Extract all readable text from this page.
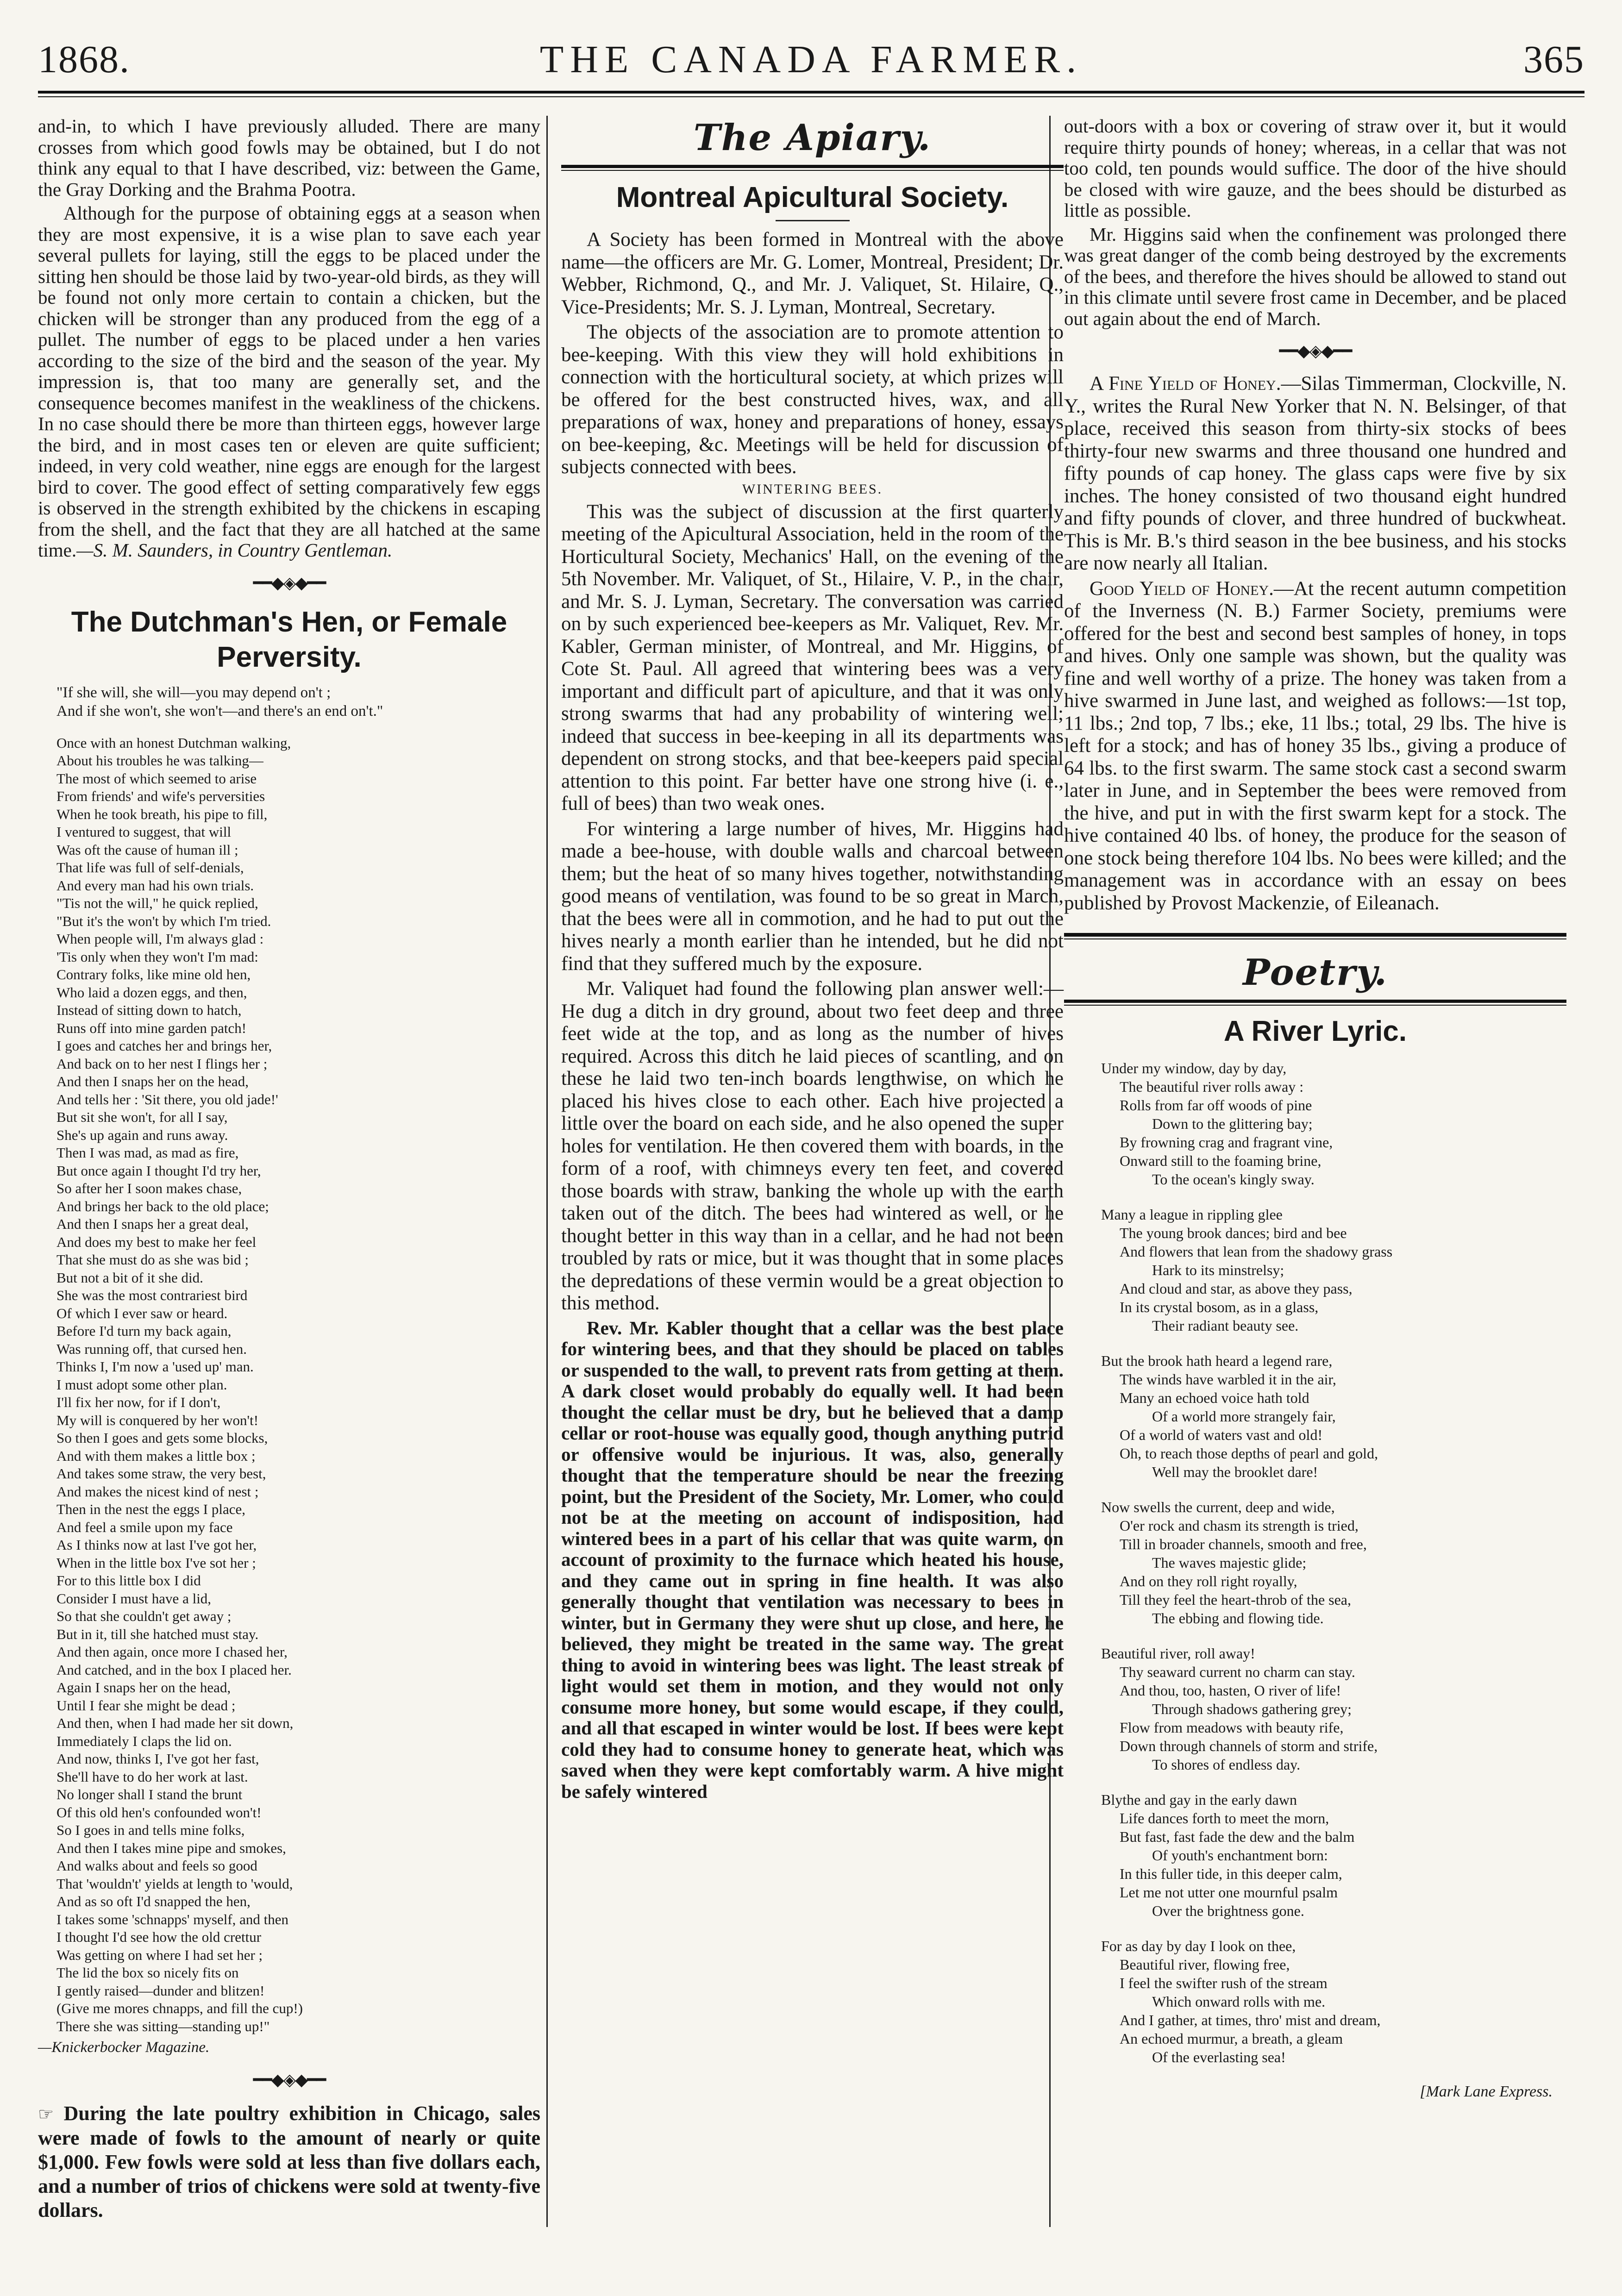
1868.	THE CANADA FARMER.	365

and-in, to which I have previously alluded. There are many crosses from which good fowls may be obtained, but I do not think any equal to that I have described, viz: between the Game, the Gray Dorking and the Brahma Pootra.

Although for the purpose of obtaining eggs at a season when they are most expensive, it is a wise plan to save each year several pullets for laying, still the eggs to be placed under the sitting hen should be those laid by two-year-old birds, as they will be found not only more certain to contain a chicken, but the chicken will be stronger than any produced from the egg of a pullet. The number of eggs to be placed under a hen varies according to the size of the bird and the season of the year. My impression is, that too many are generally set, and the consequence becomes manifest in the weakliness of the chickens. In no case should there be more than thirteen eggs, however large the bird, and in most cases ten or eleven are quite sufficient; indeed, in very cold weather, nine eggs are enough for the largest bird to cover. The good effect of setting comparatively few eggs is observed in the strength exhibited by the chickens in escaping from the shell, and the fact that they are all hatched at the same time.—S. M. Saunders, in Country Gentleman.

━━◆◈◆━━
The Dutchman's Hen, or Female Perversity.
"If she will, she will—you may depend on't ;
And if she won't, she won't—and there's an end on't."
Once with an honest Dutchman walking,
About his troubles he was talking—
The most of which seemed to arise
From friends' and wife's perversities
When he took breath, his pipe to fill,
I ventured to suggest, that will
Was oft the cause of human ill ;
That life was full of self-denials,
And every man had his own trials.
"Tis not the will," he quick replied,
"But it's the won't by which I'm tried.
When people will, I'm always glad :
'Tis only when they won't I'm mad:
Contrary folks, like mine old hen,
Who laid a dozen eggs, and then,
Instead of sitting down to hatch,
Runs off into mine garden patch!
I goes and catches her and brings her,
And back on to her nest I flings her ;
And then I snaps her on the head,
And tells her : 'Sit there, you old jade!'
But sit she won't, for all I say,
She's up again and runs away.
Then I was mad, as mad as fire,
But once again I thought I'd try her,
So after her I soon makes chase,
And brings her back to the old place;
And then I snaps her a great deal,
And does my best to make her feel
That she must do as she was bid ;
But not a bit of it she did.
She was the most contrariest bird
Of which I ever saw or heard.
Before I'd turn my back again,
Was running off, that cursed hen.
Thinks I, I'm now a 'used up' man.
I must adopt some other plan.
I'll fix her now, for if I don't,
My will is conquered by her won't!
So then I goes and gets some blocks,
And with them makes a little box ;
And takes some straw, the very best,
And makes the nicest kind of nest ;
Then in the nest the eggs I place,
And feel a smile upon my face
As I thinks now at last I've got her,
When in the little box I've sot her ;
For to this little box I did
Consider I must have a lid,
So that she couldn't get away ;
But in it, till she hatched must stay.
And then again, once more I chased her,
And catched, and in the box I placed her.
Again I snaps her on the head,
Until I fear she might be dead ;
And then, when I had made her sit down,
Immediately I claps the lid on.
And now, thinks I, I've got her fast,
She'll have to do her work at last.
No longer shall I stand the brunt
Of this old hen's confounded won't!
So I goes in and tells mine folks,
And then I takes mine pipe and smokes,
And walks about and feels so good
That 'wouldn't' yields at length to 'would,
And as so oft I'd snapped the hen,
I takes some 'schnapps' myself, and then
I thought I'd see how the old crettur
Was getting on where I had set her ;
The lid the box so nicely fits on
I gently raised—dunder and blitzen!
(Give me mores chnapps, and fill the cup!)
There she was sitting—standing up!"
—Knickerbocker Magazine.
━━◆◈◆━━

☞ During the late poultry exhibition in Chicago, sales were made of fowls to the amount of nearly or quite $1,000. Few fowls were sold at less than five dollars each, and a number of trios of chickens were sold at twenty-five dollars.

The Apiary.
Montreal Apicultural Society.

A Society has been formed in Montreal with the above name—the officers are Mr. G. Lomer, Montreal, President; Dr. Webber, Richmond, Q., and Mr. J. Valiquet, St. Hilaire, Q., Vice-Presidents; Mr. S. J. Lyman, Montreal, Secretary.

The objects of the association are to promote attention to bee-keeping. With this view they will hold exhibitions in connection with the horticultural society, at which prizes will be offered for the best constructed hives, wax, and all preparations of wax, honey and preparations of honey, essays on bee-keeping, &c. Meetings will be held for discussion of subjects connected with bees.

WINTERING BEES.

This was the subject of discussion at the first quarterly meeting of the Apicultural Association, held in the room of the Horticultural Society, Mechanics' Hall, on the evening of the 5th November. Mr. Valiquet, of St., Hilaire, V. P., in the chair, and Mr. S. J. Lyman, Secretary. The conversation was carried on by such experienced bee-keepers as Mr. Valiquet, Rev. Mr. Kabler, German minister, of Montreal, and Mr. Higgins, of Cote St. Paul. All agreed that wintering bees was a very important and difficult part of apiculture, and that it was only strong swarms that had any probability of wintering well; indeed that success in bee-keeping in all its departments was dependent on strong stocks, and that bee-keepers paid special attention to this point. Far better have one strong hive (i. e., full of bees) than two weak ones.

For wintering a large number of hives, Mr. Higgins had made a bee-house, with double walls and charcoal between them; but the heat of so many hives together, notwithstanding good means of ventilation, was found to be so great in March, that the bees were all in commotion, and he had to put out the hives nearly a month earlier than he intended, but he did not find that they suffered much by the exposure.

Mr. Valiquet had found the following plan answer well:—He dug a ditch in dry ground, about two feet deep and three feet wide at the top, and as long as the number of hives required. Across this ditch he laid pieces of scantling, and on these he laid two ten-inch boards lengthwise, on which he placed his hives close to each other. Each hive projected a little over the board on each side, and he also opened the super holes for ventilation. He then covered them with boards, in the form of a roof, with chimneys every ten feet, and covered those boards with straw, banking the whole up with the earth taken out of the ditch. The bees had wintered as well, or he thought better in this way than in a cellar, and he had not been troubled by rats or mice, but it was thought that in some places the depredations of these vermin would be a great objection to this method.

Rev. Mr. Kabler thought that a cellar was the best place for wintering bees, and that they should be placed on tables or suspended to the wall, to prevent rats from getting at them. A dark closet would probably do equally well. It had been thought the cellar must be dry, but he believed that a damp cellar or root-house was equally good, though anything putrid or offensive would be injurious. It was, also, generally thought that the temperature should be near the freezing point, but the President of the Society, Mr. Lomer, who could not be at the meeting on account of indisposition, had wintered bees in a part of his cellar that was quite warm, on account of proximity to the furnace which heated his house, and they came out in spring in fine health. It was also generally thought that ventilation was necessary to bees in winter, but in Germany they were shut up close, and here, he believed, they might be treated in the same way. The great thing to avoid in wintering bees was light. The least streak of light would set them in motion, and they would not only consume more honey, but some would escape, if they could, and all that escaped in winter would be lost. If bees were kept cold they had to consume honey to generate heat, which was saved when they were kept comfortably warm. A hive might be safely wintered

out-doors with a box or covering of straw over it, but it would require thirty pounds of honey; whereas, in a cellar that was not too cold, ten pounds would suffice. The door of the hive should be closed with wire gauze, and the bees should be disturbed as little as possible.

Mr. Higgins said when the confinement was prolonged there was great danger of the comb being destroyed by the excrements of the bees, and therefore the hives should be allowed to stand out in this climate until severe frost came in December, and be placed out again about the end of March.

━━◆◈◆━━

A Fine Yield of Honey.—Silas Timmerman, Clockville, N. Y., writes the Rural New Yorker that N. N. Belsinger, of that place, received this season from thirty-six stocks of bees thirty-four new swarms and three thousand one hundred and fifty pounds of cap honey. The glass caps were five by six inches. The honey consisted of two thousand eight hundred and fifty pounds of clover, and three hundred of buckwheat. This is Mr. B.'s third season in the bee business, and his stocks are now nearly all Italian.

Good Yield of Honey.—At the recent autumn competition of the Inverness (N. B.) Farmer Society, premiums were offered for the best and second best samples of honey, in tops and hives. Only one sample was shown, but the quality was fine and well worthy of a prize. The honey was taken from a hive swarmed in June last, and weighed as follows:—1st top, 11 lbs.; 2nd top, 7 lbs.; eke, 11 lbs.; total, 29 lbs. The hive is left for a stock; and has of honey 35 lbs., giving a produce of 64 lbs. to the first swarm. The same stock cast a second swarm later in June, and in September the bees were removed from the hive, and put in with the first swarm kept for a stock. The hive contained 40 lbs. of honey, the produce for the season of one stock being therefore 104 lbs. No bees were killed; and the management was in accordance with an essay on bees published by Provost Mackenzie, of Eileanach.

Poetry.
A River Lyric.
Under my window, day by day,
The beautiful river rolls away :
Rolls from far off woods of pine
Down to the glittering bay;
By frowning crag and fragrant vine,
Onward still to the foaming brine,
To the ocean's kingly sway.
Many a league in rippling glee
The young brook dances; bird and bee
And flowers that lean from the shadowy grass
Hark to its minstrelsy;
And cloud and star, as above they pass,
In its crystal bosom, as in a glass,
Their radiant beauty see.
But the brook hath heard a legend rare,
The winds have warbled it in the air,
Many an echoed voice hath told
Of a world more strangely fair,
Of a world of waters vast and old!
Oh, to reach those depths of pearl and gold,
Well may the brooklet dare!
Now swells the current, deep and wide,
O'er rock and chasm its strength is tried,
Till in broader channels, smooth and free,
The waves majestic glide;
And on they roll right royally,
Till they feel the heart-throb of the sea,
The ebbing and flowing tide.
Beautiful river, roll away!
Thy seaward current no charm can stay.
And thou, too, hasten, O river of life!
Through shadows gathering grey;
Flow from meadows with beauty rife,
Down through channels of storm and strife,
To shores of endless day.
Blythe and gay in the early dawn
Life dances forth to meet the morn,
But fast, fast fade the dew and the balm
Of youth's enchantment born:
In this fuller tide, in this deeper calm,
Let me not utter one mournful psalm
Over the brightness gone.
For as day by day I look on thee,
Beautiful river, flowing free,
I feel the swifter rush of the stream
Which onward rolls with me.
And I gather, at times, thro' mist and dream,
An echoed murmur, a breath, a gleam
Of the everlasting sea!
[Mark Lane Express.
